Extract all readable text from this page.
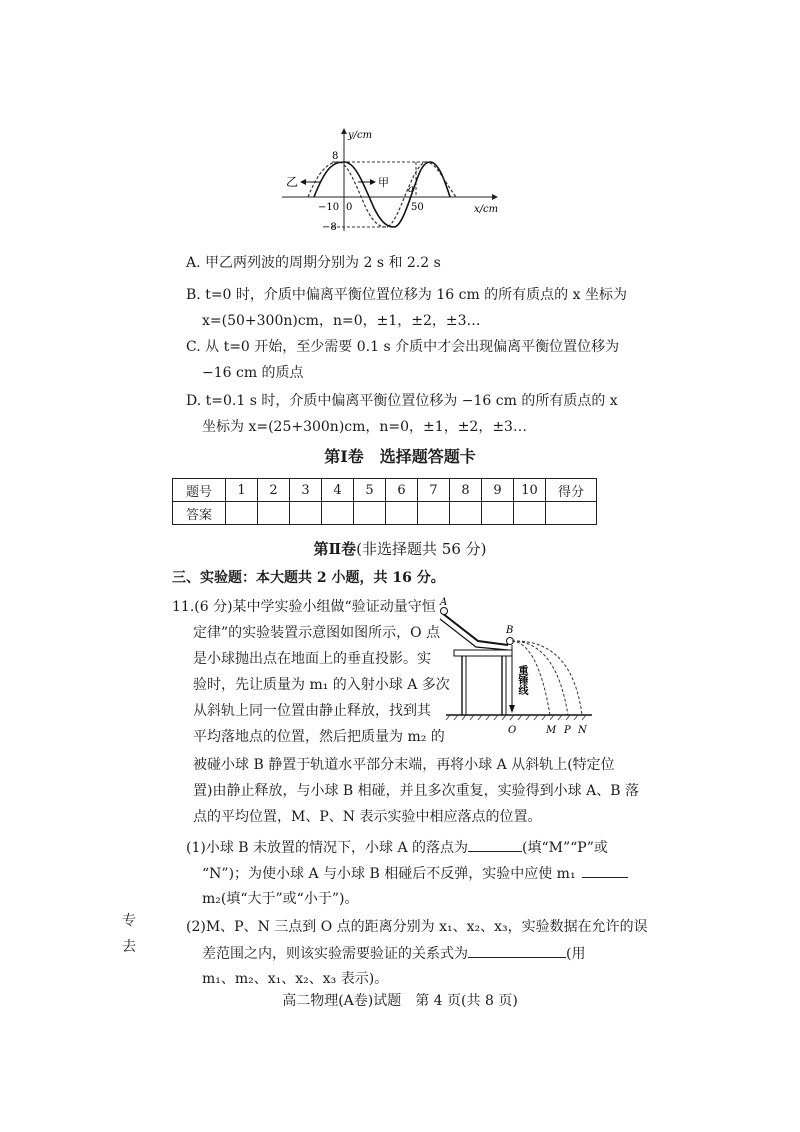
y/cm
x/cm
8
−8
−10 0	50
乙	甲
a
A. 甲乙两列波的周期分别为 2 s 和 2.2 s
B. t=0 时，介质中偏离平衡位置位移为 16 cm 的所有质点的 x 坐标为
x=(50+300n)cm，n=0，±1，±2，±3…
C. 从 t=0 开始，至少需要 0.1 s 介质中才会出现偏离平衡位置位移为
−16 cm 的质点
D. t=0.1 s 时，介质中偏离平衡位置位移为 −16 cm 的所有质点的 x
坐标为 x=(25+300n)cm，n=0，±1，±2，±3…
第Ⅰ卷　选择题答题卡
题号	1	2	3	4	5	6	7	8	9	10	得分
答案											
第Ⅱ卷(非选择题共 56 分)
三、实验题：本大题共 2 小题，共 16 分。
11.(6 分)某中学实验小组做“验证动量守恒
定律”的实验装置示意图如图所示，O 点
是小球抛出点在地面上的垂直投影。实
验时，先让质量为 m₁ 的入射小球 A 多次
从斜轨上同一位置由静止释放，找到其
平均落地点的位置，然后把质量为 m₂ 的
被碰小球 B 静置于轨道水平部分末端，再将小球 A 从斜轨上(特定位
置)由静止释放，与小球 B 相碰，并且多次重复，实验得到小球 A、B 落
点的平均位置，M、P、N 表示实验中相应落点的位置。
(1)小球 B 未放置的情况下，小球 A 的落点为	(填“M”“P”或
“N”)；为使小球 A 与小球 B 相碰后不反弹，实验中应使 m₁
m₂(填“大于”或“小于”)。
(2)M、P、N 三点到 O 点的距离分别为 x₁、x₂、x₃，实验数据在允许的误
差范围之内，则该实验需要验证的关系式为	(用
m₁、m₂、x₁、x₂、x₃ 表示)。
A
B
重锤线
O	M P N
专去
高二物理(A卷)试题　第 4 页(共 8 页)
